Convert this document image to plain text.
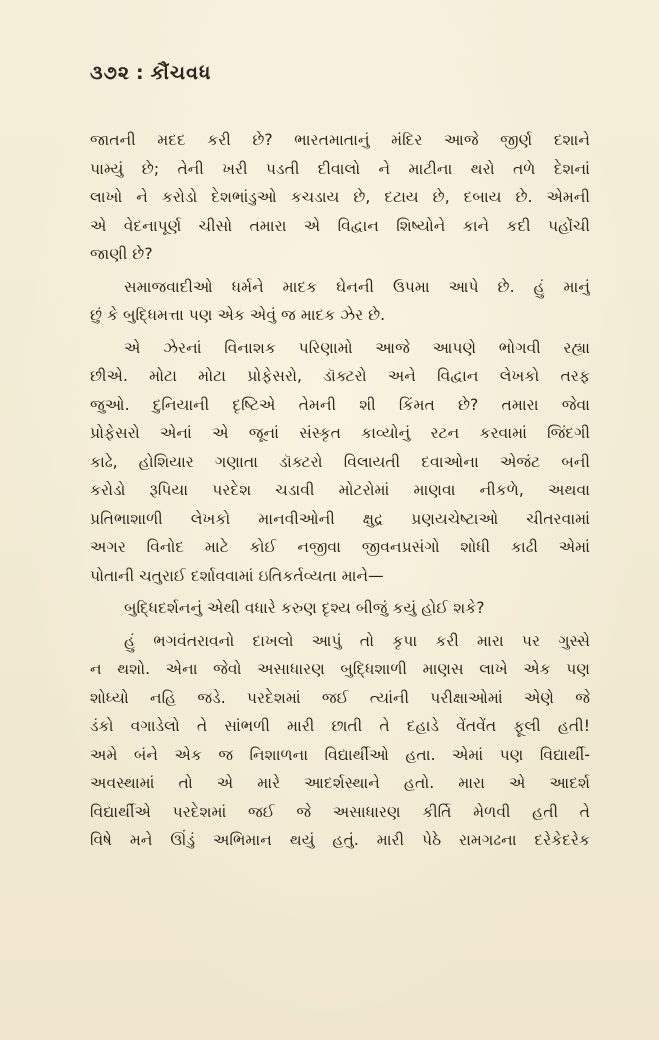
૩૭૨ : કૌંચવધ
જાતની મદદ કરી છે? ભારતમાતાનું મંદિર આજે જીર્ણ દશાને
પામ્યું છે; તેની ખરી પડતી દીવાલો ને માટીના થરો તળે દેશનાં
લાખો ને કરોડો દેશભાંડુઓ કચડાય છે, દટાય છે, દબાય છે. એમની
એ વેદનાપૂર્ણ ચીસો તમારા એ વિદ્વાન શિષ્યોને કાને કદી પહોંચી
જાણી છે?
સમાજવાદીઓ ધર્મને માદક ઘેનની ઉપમા આપે છે. હું માનું
છું કે બુદ્ધિમત્તા પણ એક એવું જ માદક ઝેર છે.
એ ઝેરનાં વિનાશક પરિણામો આજે આપણે ભોગવી રહ્યા
છીએ. મોટા મોટા પ્રોફેસરો, ડૉક્ટરો અને વિદ્વાન લેખકો તરફ
જુઓ. દુનિયાની દૃષ્ટિએ તેમની શી કિંમત છે? તમારા જેવા
પ્રોફેસરો એનાં એ જૂનાં સંસ્કૃત કાવ્યોનું રટન કરવામાં જિંદગી
કાઢે, હોશિયાર ગણાતા ડૉક્ટરો વિલાયતી દવાઓના એજંટ બની
કરોડો રૂપિયા પરદેશ ચડાવી મોટરોમાં માણવા નીકળે, અથવા
પ્રતિભાશાળી લેખકો માનવીઓની ક્ષુદ્ર પ્રણયચેષ્ટાઓ ચીતરવામાં
અગર વિનોદ માટે કોઈ નજીવા જીવનપ્રસંગો શોધી કાઢી એમાં
પોતાની ચતુરાઈ દર્શાવવામાં ઇતિકર્તવ્યતા માને—
બુદ્ધિદર્શનનું એથી વધારે કરુણ દૃશ્ય બીજું કયું હોઈ શકે?
હું ભગવંતરાવનો દાખલો આપું તો કૃપા કરી મારા પર ગુસ્સે
ન થશો. એના જેવો અસાધારણ બુદ્ધિશાળી માણસ લાખે એક પણ
શોધ્યો નહિ જડે. પરદેશમાં જઈ ત્યાંની પરીક્ષાઓમાં એણે જે
ડંકો વગાડેલો તે સાંભળી મારી છાતી તે દહાડે વેંતવેંત ફૂલી હતી!
અમે બંને એક જ નિશાળના વિદ્યાર્થીઓ હતા. એમાં પણ વિદ્યાર્થી-
અવસ્થામાં તો એ મારે આદર્શસ્થાને હતો. મારા એ આદર્શ
વિદ્યાર્થીએ પરદેશમાં જઈ જે અસાધારણ કીર્તિ મેળવી હતી તે
વિષે મને ઊંડું અભિમાન થયું હતું. મારી પેઠે રામગઢના દરેકેદરેક
